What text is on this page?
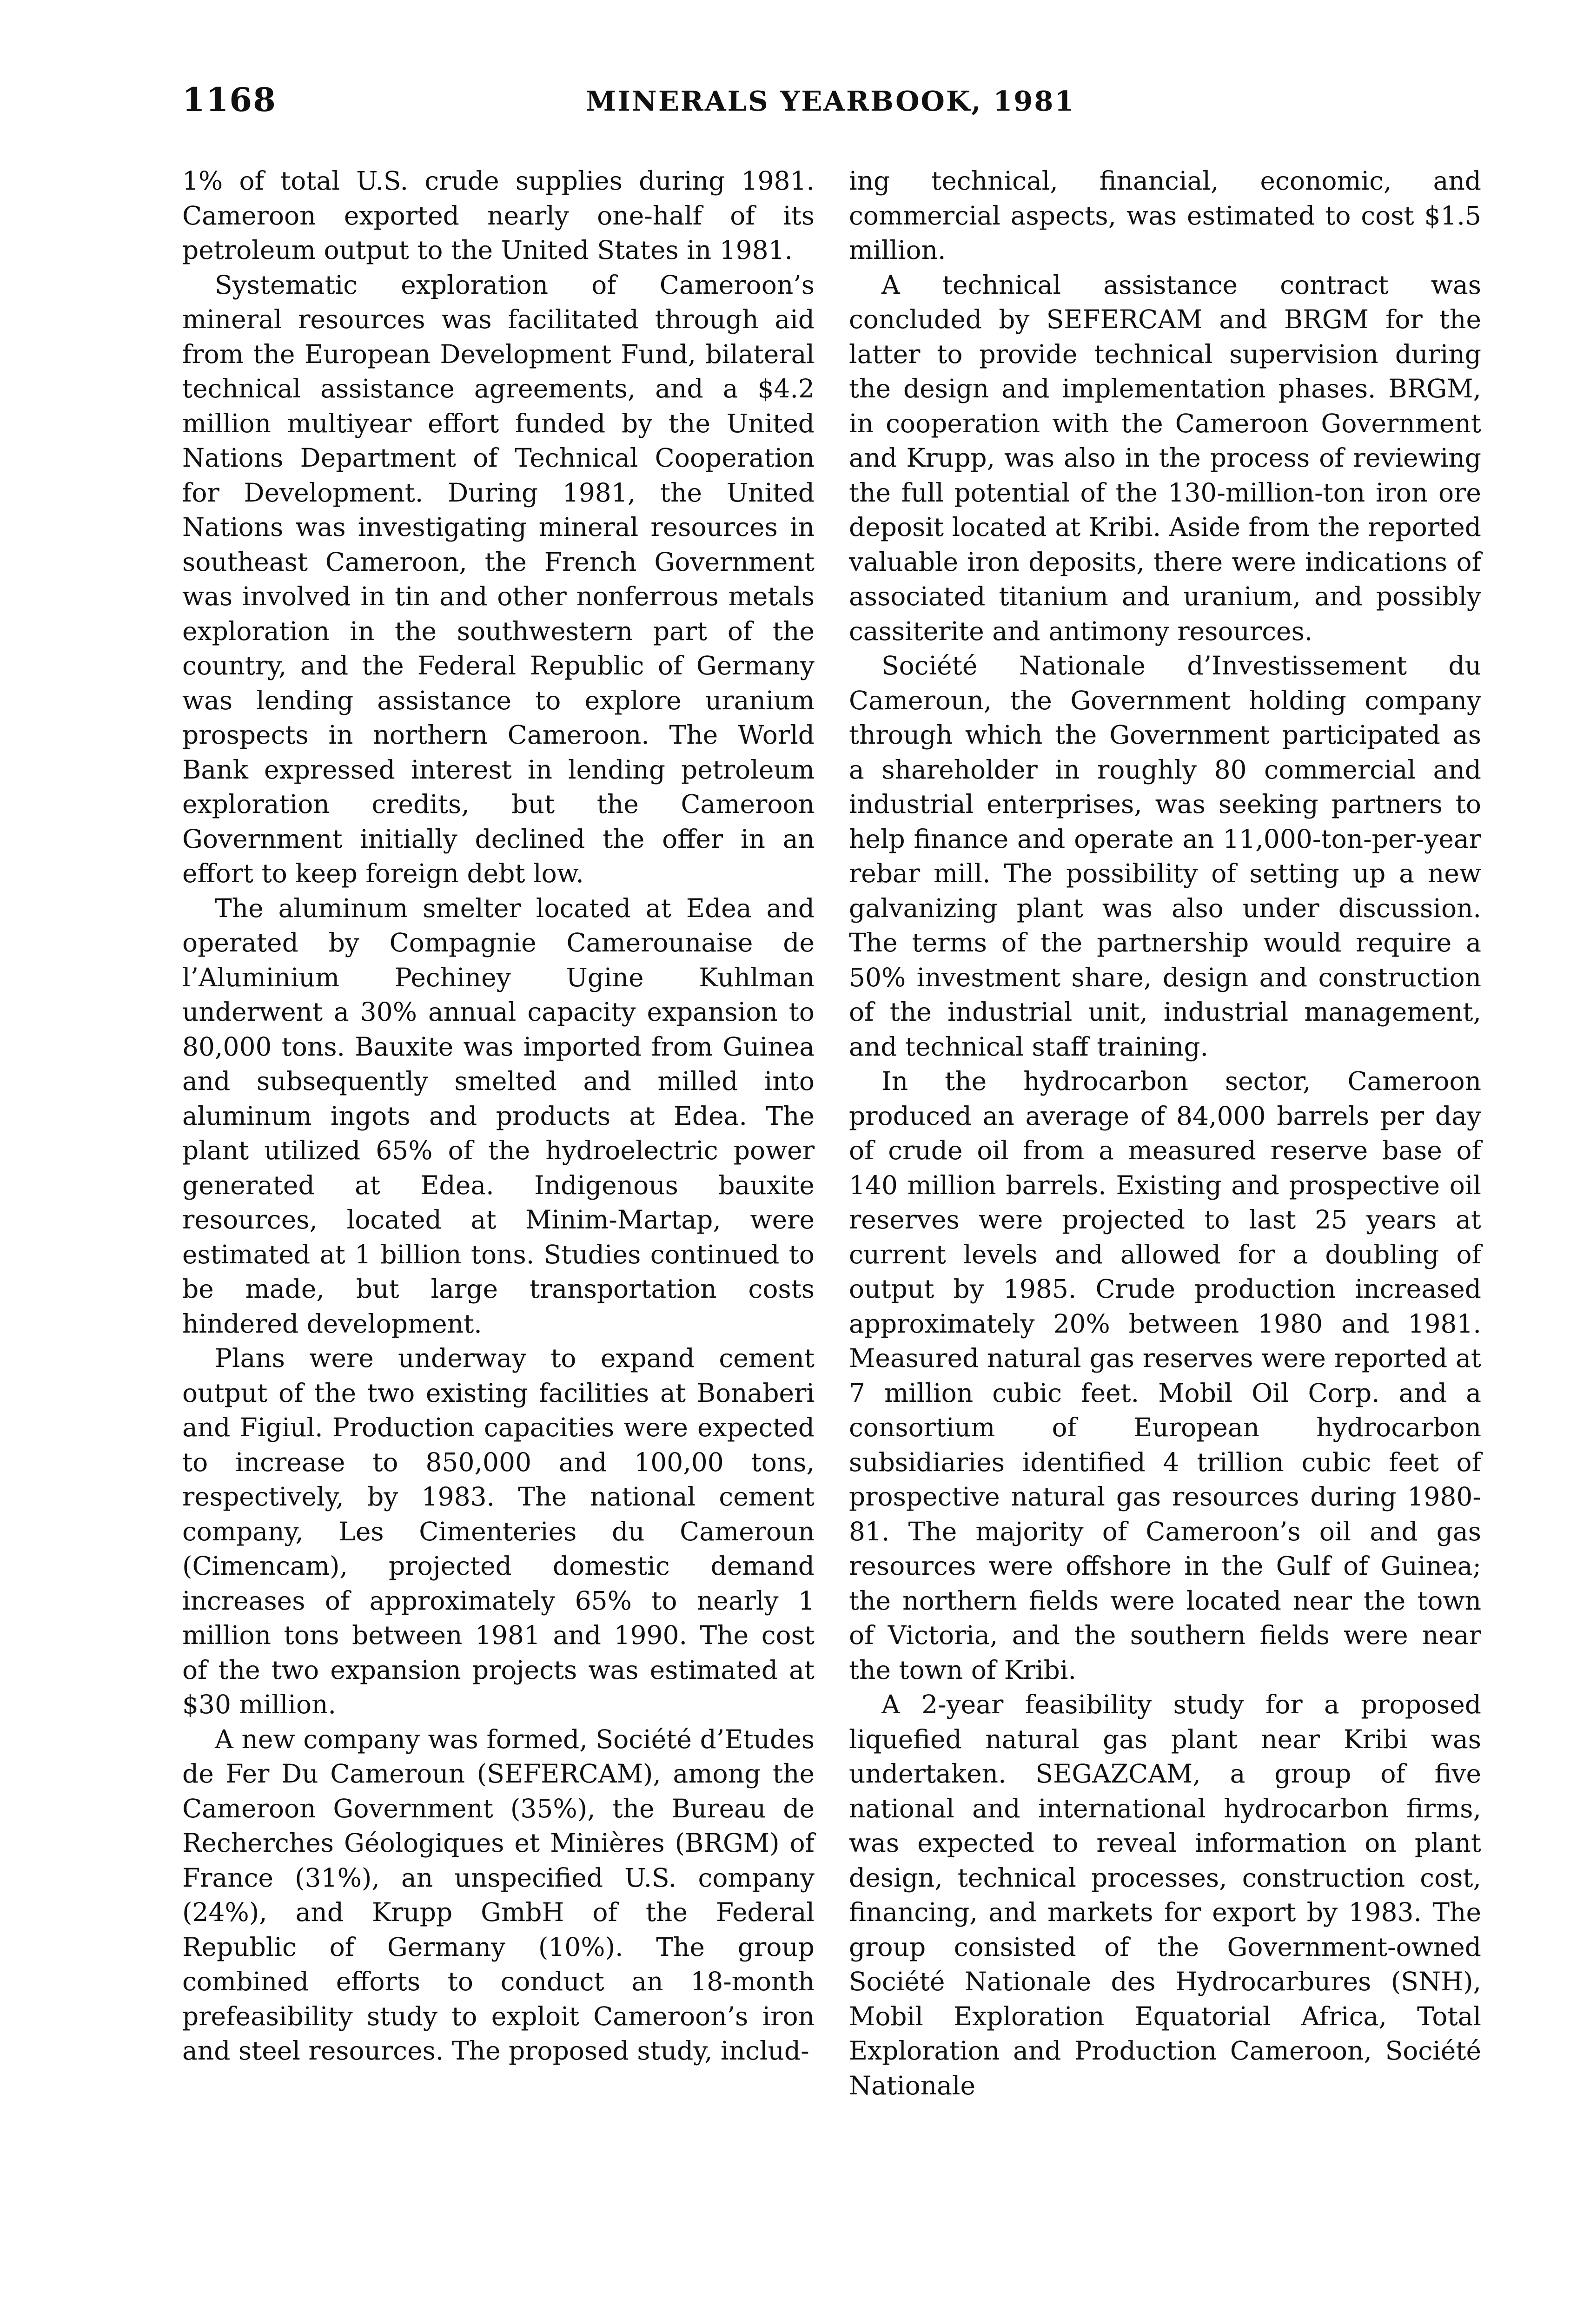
1168	MINERALS YEARBOOK, 1981

1% of total U.S. crude supplies during 1981. Cameroon exported nearly one-half of its petroleum output to the United States in 1981.

Systematic exploration of Cameroon’s mineral resources was facilitated through aid from the European Development Fund, bilateral technical assistance agreements, and a $4.2 million multiyear effort funded by the United Nations Department of Technical Cooperation for Development. During 1981, the United Nations was investigating mineral resources in southeast Cameroon, the French Government was involved in tin and other nonferrous metals exploration in the southwestern part of the country, and the Federal Republic of Germany was lending assistance to explore uranium prospects in northern Cameroon. The World Bank expressed interest in lending petroleum exploration credits, but the Cameroon Government initially declined the offer in an effort to keep foreign debt low.

The aluminum smelter located at Edea and operated by Compagnie Camerounaise de l’Aluminium Pechiney Ugine Kuhlman underwent a 30% annual capacity expansion to 80,000 tons. Bauxite was imported from Guinea and subsequently smelted and milled into aluminum ingots and products at Edea. The plant utilized 65% of the hydroelectric power generated at Edea. Indigenous bauxite resources, located at Minim-Martap, were estimated at 1 billion tons. Studies continued to be made, but large transportation costs hindered development.

Plans were underway to expand cement output of the two existing facilities at Bonaberi and Figiul. Production capacities were expected to increase to 850,000 and 100,00 tons, respectively, by 1983. The national cement company, Les Cimenteries du Cameroun (Cimencam), projected domestic demand increases of approximately 65% to nearly 1 million tons between 1981 and 1990. The cost of the two expansion projects was estimated at $30 million.

A new company was formed, Société d’Etudes de Fer Du Cameroun (SEFERCAM), among the Cameroon Government (35%), the Bureau de Recherches Géologiques et Minières (BRGM) of France (31%), an unspecified U.S. company (24%), and Krupp GmbH of the Federal Republic of Germany (10%). The group combined efforts to conduct an 18-month prefeasibility study to exploit Cameroon’s iron and steel resources. The proposed study, includ-

ing technical, financial, economic, and commercial aspects, was estimated to cost $1.5 million.

A technical assistance contract was concluded by SEFERCAM and BRGM for the latter to provide technical supervision during the design and implementation phases. BRGM, in cooperation with the Cameroon Government and Krupp, was also in the process of reviewing the full potential of the 130-million-ton iron ore deposit located at Kribi. Aside from the reported valuable iron deposits, there were indications of associated titanium and uranium, and possibly cassiterite and antimony resources.

Société Nationale d’Investissement du Cameroun, the Government holding company through which the Government participated as a shareholder in roughly 80 commercial and industrial enterprises, was seeking partners to help finance and operate an 11,000-ton-per-year rebar mill. The possibility of setting up a new galvanizing plant was also under discussion. The terms of the partnership would require a 50% investment share, design and construction of the industrial unit, industrial management, and technical staff training.

In the hydrocarbon sector, Cameroon produced an average of 84,000 barrels per day of crude oil from a measured reserve base of 140 million barrels. Existing and prospective oil reserves were projected to last 25 years at current levels and allowed for a doubling of output by 1985. Crude production increased approximately 20% between 1980 and 1981. Measured natural gas reserves were reported at 7 million cubic feet. Mobil Oil Corp. and a consortium of European hydrocarbon subsidiaries identified 4 trillion cubic feet of prospective natural gas resources during 1980-81. The majority of Cameroon’s oil and gas resources were offshore in the Gulf of Guinea; the northern fields were located near the town of Victoria, and the southern fields were near the town of Kribi.

A 2-year feasibility study for a proposed liquefied natural gas plant near Kribi was undertaken. SEGAZCAM, a group of five national and international hydrocarbon firms, was expected to reveal information on plant design, technical processes, construction cost, financing, and markets for export by 1983. The group consisted of the Government-owned Société Nationale des Hydrocarbures (SNH), Mobil Exploration Equatorial Africa, Total Exploration and Production Cameroon, Société Nationale
